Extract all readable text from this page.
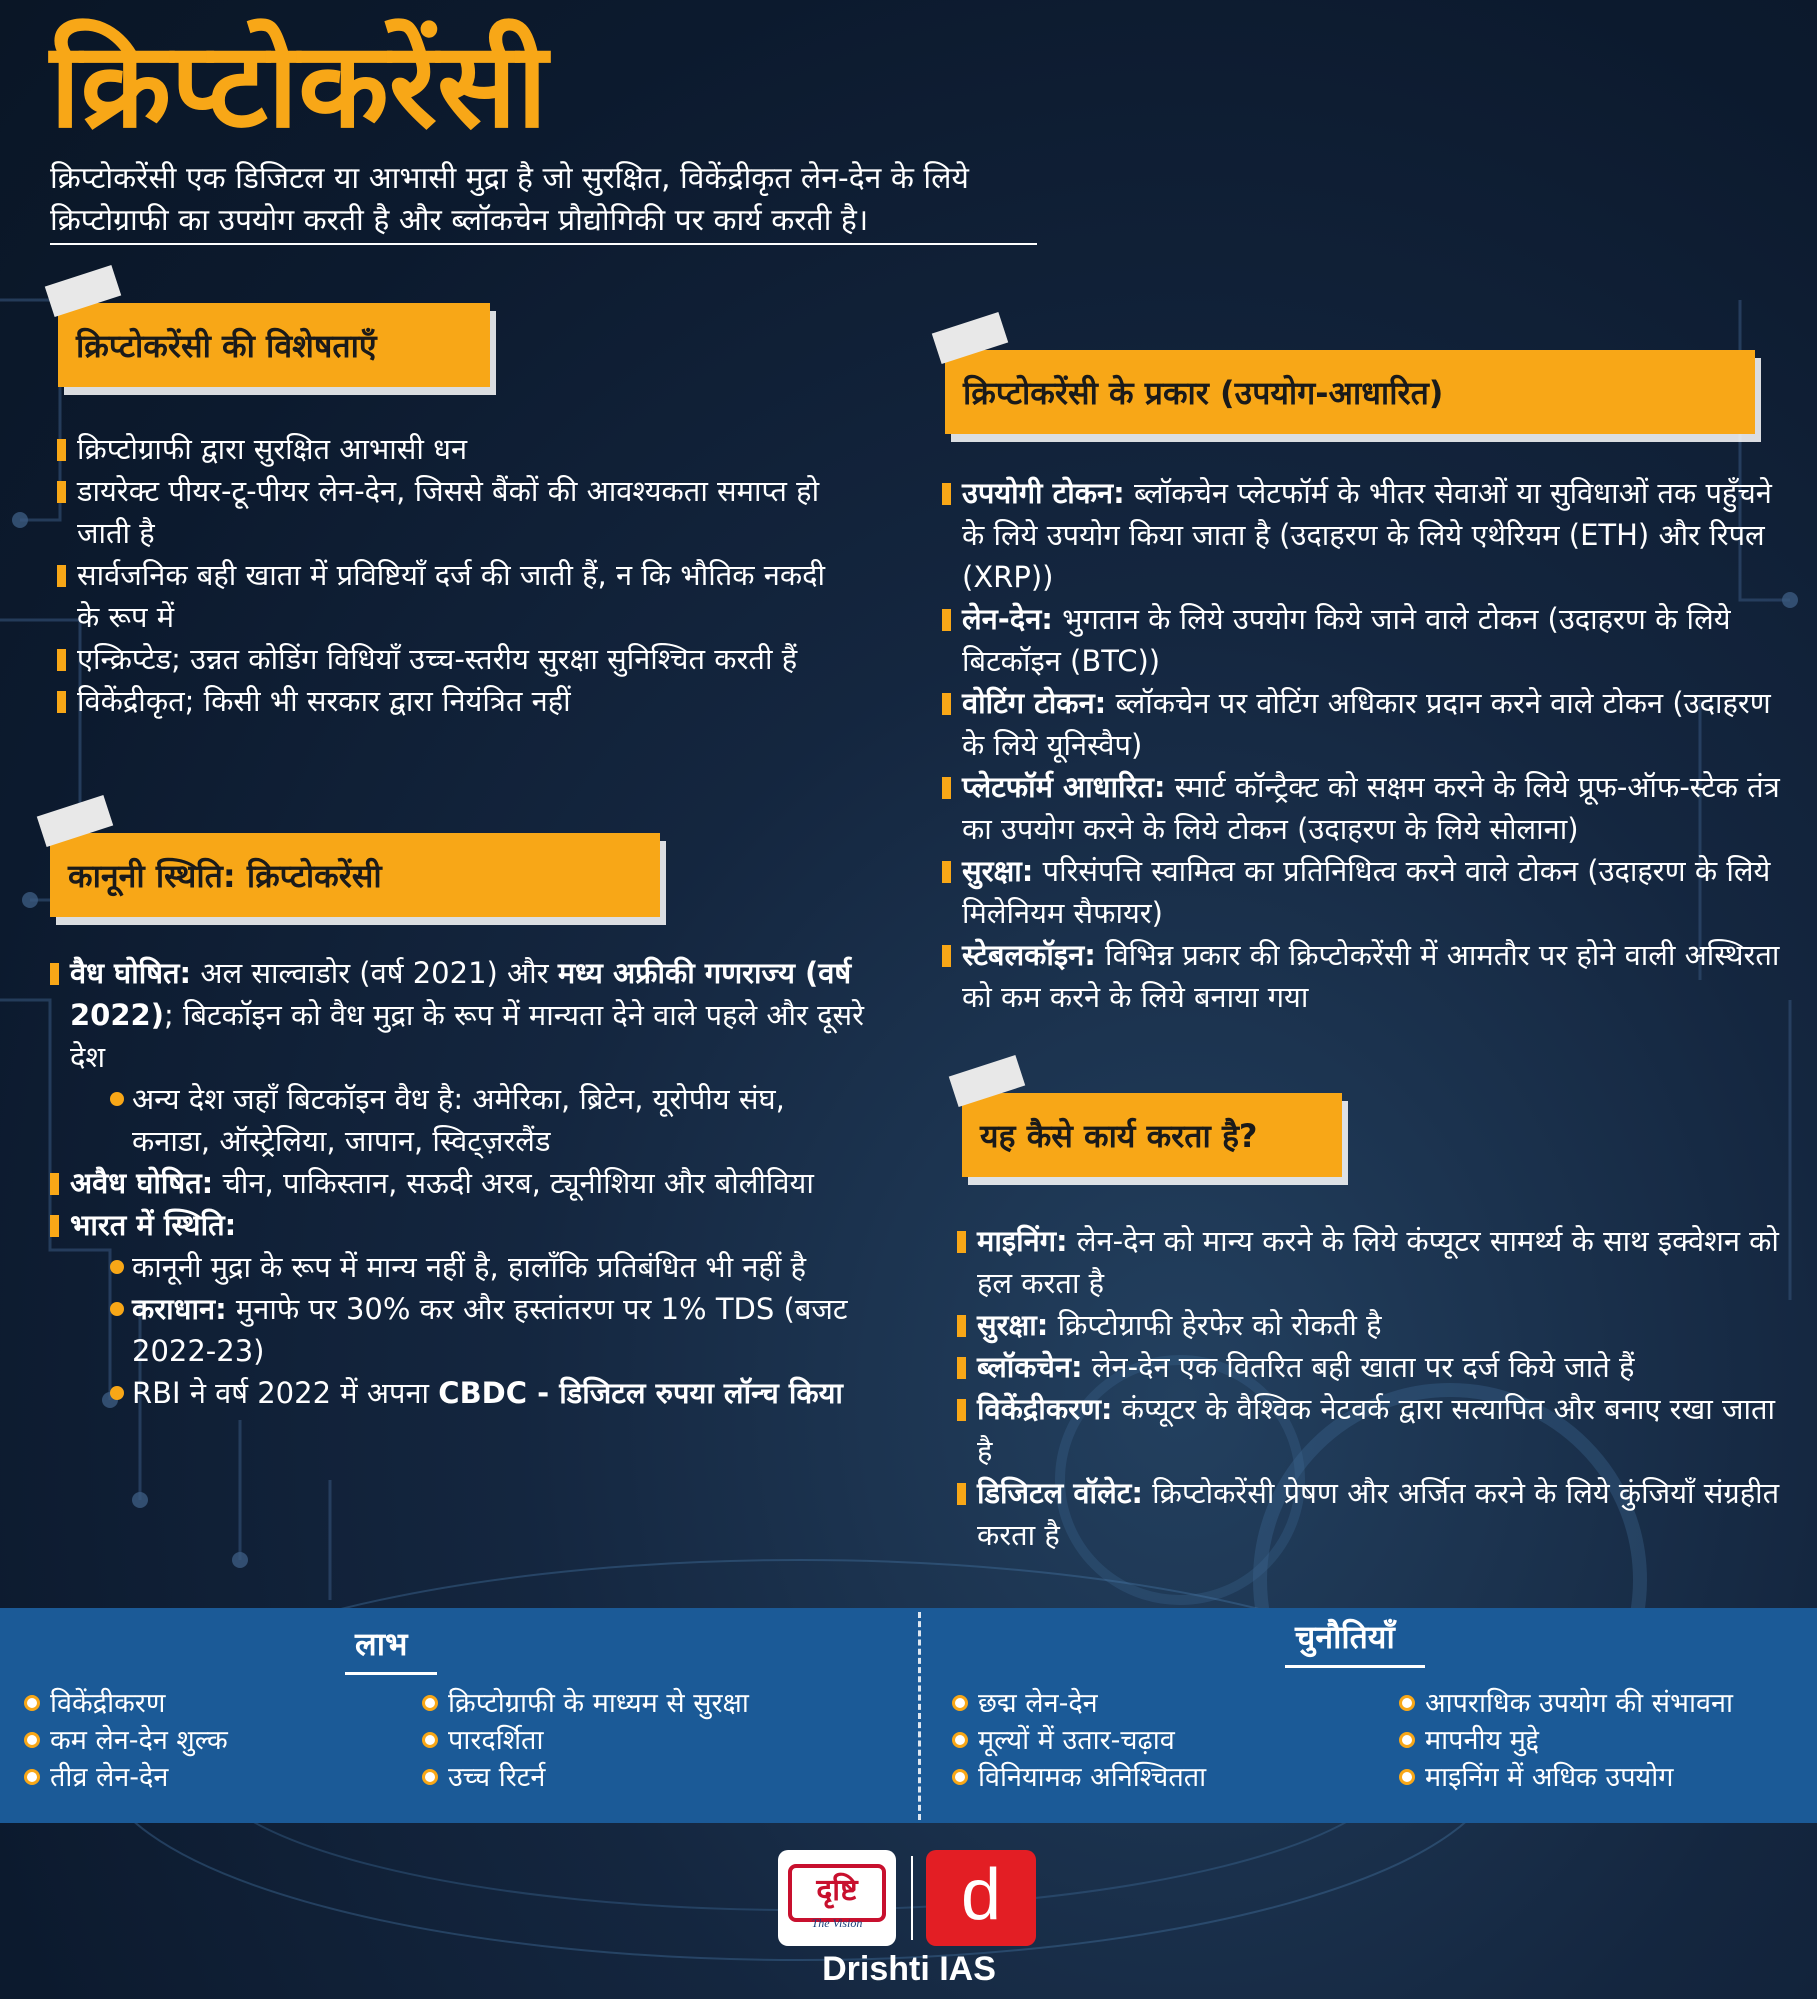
क्रिप्टोकरेंसी

क्रिप्टोकरेंसी एक डिजिटल या आभासी मुद्रा है जो सुरक्षित, विकेंद्रीकृत लेन-देन के लिये क्रिप्टोग्राफी का उपयोग करती है और ब्लॉकचेन प्रौद्योगिकी पर कार्य करती है।

क्रिप्टोकरेंसी की विशेषताएँ
क्रिप्टोग्राफी द्वारा सुरक्षित आभासी धन
डायरेक्ट पीयर-टू-पीयर लेन-देन, जिससे बैंकों की आवश्यकता समाप्त हो जाती है
सार्वजनिक बही खाता में प्रविष्टियाँ दर्ज की जाती हैं, न कि भौतिक नकदी के रूप में
एन्क्रिप्टेड; उन्नत कोडिंग विधियाँ उच्च-स्तरीय सुरक्षा सुनिश्चित करती हैं
विकेंद्रीकृत; किसी भी सरकार द्वारा नियंत्रित नहीं
कानूनी स्थिति: क्रिप्टोकरेंसी
वैध घोषित: अल साल्वाडोर (वर्ष 2021) और मध्य अफ्रीकी गणराज्य (वर्ष 2022); बिटकॉइन को वैध मुद्रा के रूप में मान्यता देने वाले पहले और दूसरे देश
अन्य देश जहाँ बिटकॉइन वैध है: अमेरिका, ब्रिटेन, यूरोपीय संघ, कनाडा, ऑस्ट्रेलिया, जापान, स्विट्ज़रलैंड
अवैध घोषित: चीन, पाकिस्तान, सऊदी अरब, ट्यूनीशिया और बोलीविया
भारत में स्थिति:
कानूनी मुद्रा के रूप में मान्य नहीं है, हालाँकि प्रतिबंधित भी नहीं है
कराधान: मुनाफे पर 30% कर और हस्तांतरण पर 1% TDS (बजट 2022-23)
RBI ने वर्ष 2022 में अपना CBDC - डिजिटल रुपया लॉन्च किया
क्रिप्टोकरेंसी के प्रकार (उपयोग-आधारित)
उपयोगी टोकन: ब्लॉकचेन प्लेटफॉर्म के भीतर सेवाओं या सुविधाओं तक पहुँचने के लिये उपयोग किया जाता है (उदाहरण के लिये एथेरियम (ETH) और रिपल (XRP))
लेन-देन: भुगतान के लिये उपयोग किये जाने वाले टोकन (उदाहरण के लिये बिटकॉइन (BTC))
वोटिंग टोकन: ब्लॉकचेन पर वोटिंग अधिकार प्रदान करने वाले टोकन (उदाहरण के लिये यूनिस्वैप)
प्लेटफॉर्म आधारित: स्मार्ट कॉन्ट्रैक्ट को सक्षम करने के लिये प्रूफ-ऑफ-स्टेक तंत्र का उपयोग करने के लिये टोकन (उदाहरण के लिये सोलाना)
सुरक्षा: परिसंपत्ति स्वामित्व का प्रतिनिधित्व करने वाले टोकन (उदाहरण के लिये मिलेनियम सैफायर)
स्टेबलकॉइन: विभिन्न प्रकार की क्रिप्टोकरेंसी में आमतौर पर होने वाली अस्थिरता को कम करने के लिये बनाया गया
यह कैसे कार्य करता है?
माइनिंग: लेन-देन को मान्य करने के लिये कंप्यूटर सामर्थ्य के साथ इक्वेशन को हल करता है
सुरक्षा: क्रिप्टोग्राफी हेरफेर को रोकती है
ब्लॉकचेन: लेन-देन एक वितरित बही खाता पर दर्ज किये जाते हैं
विकेंद्रीकरण: कंप्यूटर के वैश्विक नेटवर्क द्वारा सत्यापित और बनाए रखा जाता है
डिजिटल वॉलेट: क्रिप्टोकरेंसी प्रेषण और अर्जित करने के लिये कुंजियाँ संग्रहीत करता है
लाभ
विकेंद्रीकरण
कम लेन-देन शुल्क
तीव्र लेन-देन
क्रिप्टोग्राफी के माध्यम से सुरक्षा
पारदर्शिता
उच्च रिटर्न
चुनौतियाँ
छद्म लेन-देन
मूल्यों में उतार-चढ़ाव
विनियामक अनिश्चितता
आपराधिक उपयोग की संभावना
मापनीय मुद्दे
माइनिंग में अधिक उपयोग
दृष्टि
The Vision	d
Drishti IAS
